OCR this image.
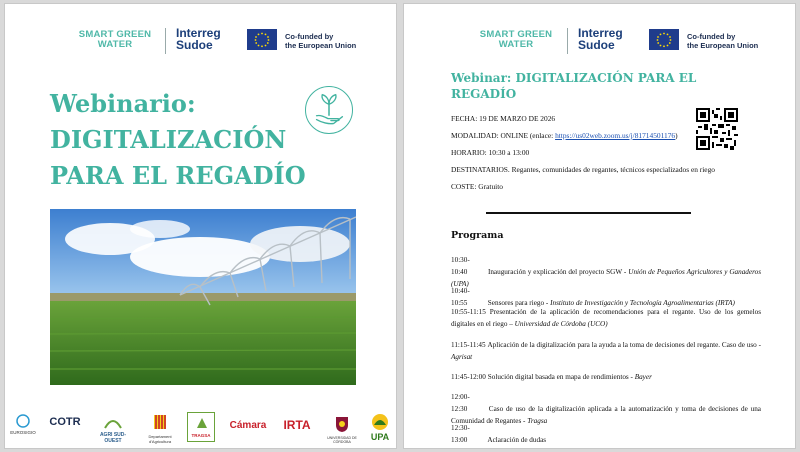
SMART GREEN
WATER
Interreg
Sudoe
Co-funded by
the European Union
Webinario:
DIGITALIZACIÓN
PARA EL REGADÍO
EUROSIGIO
COTR
AGRI SUD-OUEST
Departament d'Agricultura
TRAGSA
Cámara	IRTA
UNIVERSIDAD DE CÓRDOBA	UPA
SMART GREEN
WATER
Interreg
Sudoe
Co-funded by
the European Union
Webinar: DIGITALIZACIÓN PARA EL
REGADÍO
FECHA: 19 DE MARZO DE 2026
MODALIDAD: ONLINE (enlace: https://us02web.zoom.us/j/81714501176)
HORARIO: 10:30 a 13:00
DESTINATARIOS. Regantes, comunidades de regantes, técnicos especializados en riego
COSTE: Gratuito
Programa
10:30-10:40	Inauguración y explicación del proyecto SGW - Unión de Pequeños Agricultores y Ganaderos (UPA)
10:40-10:55	Sensores para riego - Instituto de Investigación y Tecnología Agroalimentarias (IRTA)
10:55-11:15 Presentación de la aplicación de recomendaciones para el regante. Uso de los gemelos digitales en el riego – Universidad de Córdoba (UCO)
11:15-11:45 Aplicación de la digitalización para la ayuda a la toma de decisiones del regante. Caso de uso - Agrisat
11:45-12:00 Solución digital basada en mapa de rendimientos - Bayer
12:00-12:30	Caso de uso de la digitalización aplicada a la automatización y toma de decisiones de una Comunidad de Regantes - Tragsa
12:30-13:00	Aclaración de dudas
